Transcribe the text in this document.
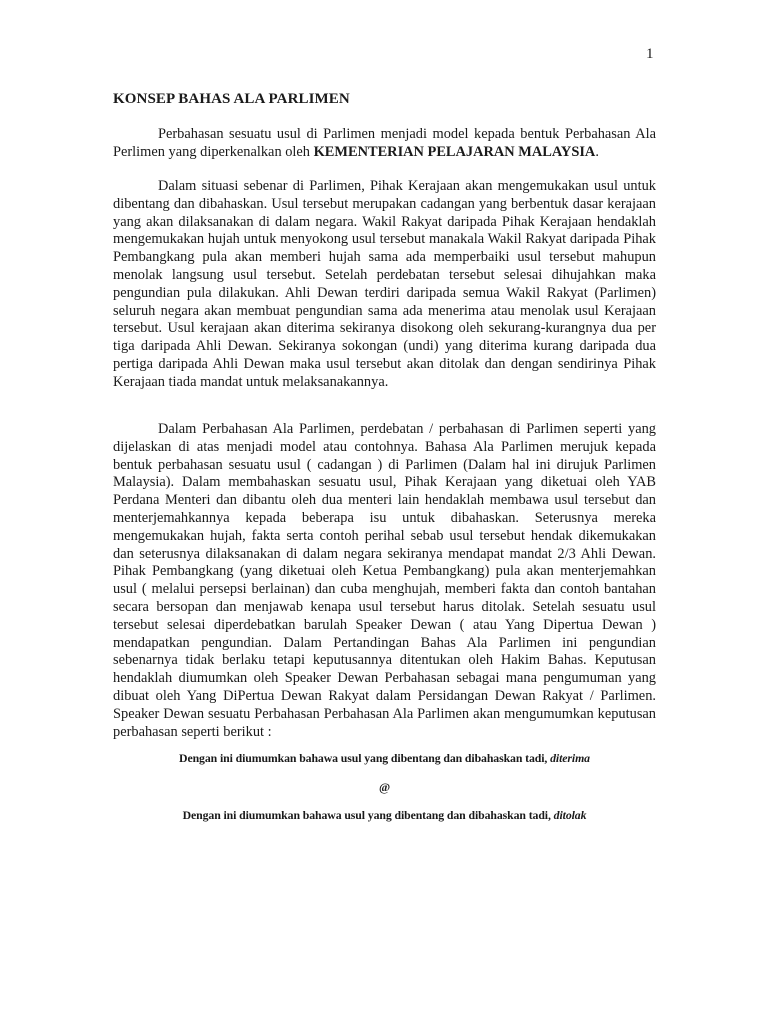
1
KONSEP BAHAS ALA PARLIMEN

Perbahasan sesuatu usul di Parlimen menjadi model kepada bentuk Perbahasan Ala Perlimen yang diperkenalkan oleh KEMENTERIAN PELAJARAN MALAYSIA.

Dalam situasi sebenar di Parlimen, Pihak Kerajaan akan mengemukakan usul untuk dibentang dan dibahaskan. Usul tersebut merupakan cadangan yang berbentuk dasar kerajaan yang akan dilaksanakan di dalam negara. Wakil Rakyat daripada Pihak Kerajaan hendaklah mengemukakan hujah untuk menyokong usul tersebut manakala Wakil Rakyat daripada Pihak Pembangkang pula akan memberi hujah sama ada memperbaiki usul tersebut mahupun menolak langsung usul tersebut. Setelah perdebatan tersebut selesai dihujahkan maka pengundian pula dilakukan. Ahli Dewan terdiri daripada semua Wakil Rakyat (Parlimen) seluruh negara akan membuat pengundian sama ada menerima atau menolak usul Kerajaan tersebut. Usul kerajaan akan diterima sekiranya disokong oleh sekurang-kurangnya dua per tiga daripada Ahli Dewan. Sekiranya sokongan (undi) yang diterima kurang daripada dua pertiga daripada Ahli Dewan maka usul tersebut akan ditolak dan dengan sendirinya Pihak Kerajaan tiada mandat untuk melaksanakannya.

Dalam Perbahasan Ala Parlimen, perdebatan / perbahasan di Parlimen seperti yang dijelaskan di atas menjadi model atau contohnya. Bahasa Ala Parlimen merujuk kepada bentuk perbahasan sesuatu usul ( cadangan ) di Parlimen (Dalam hal ini dirujuk Parlimen Malaysia). Dalam membahaskan sesuatu usul, Pihak Kerajaan yang diketuai oleh YAB Perdana Menteri dan dibantu oleh dua menteri lain hendaklah membawa usul tersebut dan menterjemahkannya kepada beberapa isu untuk dibahaskan. Seterusnya mereka mengemukakan hujah, fakta serta contoh perihal sebab usul tersebut hendak dikemukakan dan seterusnya dilaksanakan di dalam negara sekiranya mendapat mandat 2/3 Ahli Dewan. Pihak Pembangkang (yang diketuai oleh Ketua Pembangkang) pula akan menterjemahkan usul ( melalui persepsi berlainan) dan cuba menghujah, memberi fakta dan contoh bantahan secara bersopan dan menjawab kenapa usul tersebut harus ditolak. Setelah sesuatu usul tersebut selesai diperdebatkan barulah Speaker Dewan ( atau Yang Dipertua Dewan ) mendapatkan pengundian. Dalam Pertandingan Bahas Ala Parlimen ini pengundian sebenarnya tidak berlaku tetapi keputusannya ditentukan oleh Hakim Bahas. Keputusan hendaklah diumumkan oleh Speaker Dewan Perbahasan sebagai mana pengumuman yang dibuat oleh Yang DiPertua Dewan Rakyat dalam Persidangan Dewan Rakyat / Parlimen. Speaker Dewan sesuatu Perbahasan Perbahasan Ala Parlimen akan mengumumkan keputusan perbahasan seperti berikut :

Dengan ini diumumkan bahawa usul yang dibentang dan dibahaskan tadi, diterima
@
Dengan ini diumumkan bahawa usul yang dibentang dan dibahaskan tadi, ditolak
